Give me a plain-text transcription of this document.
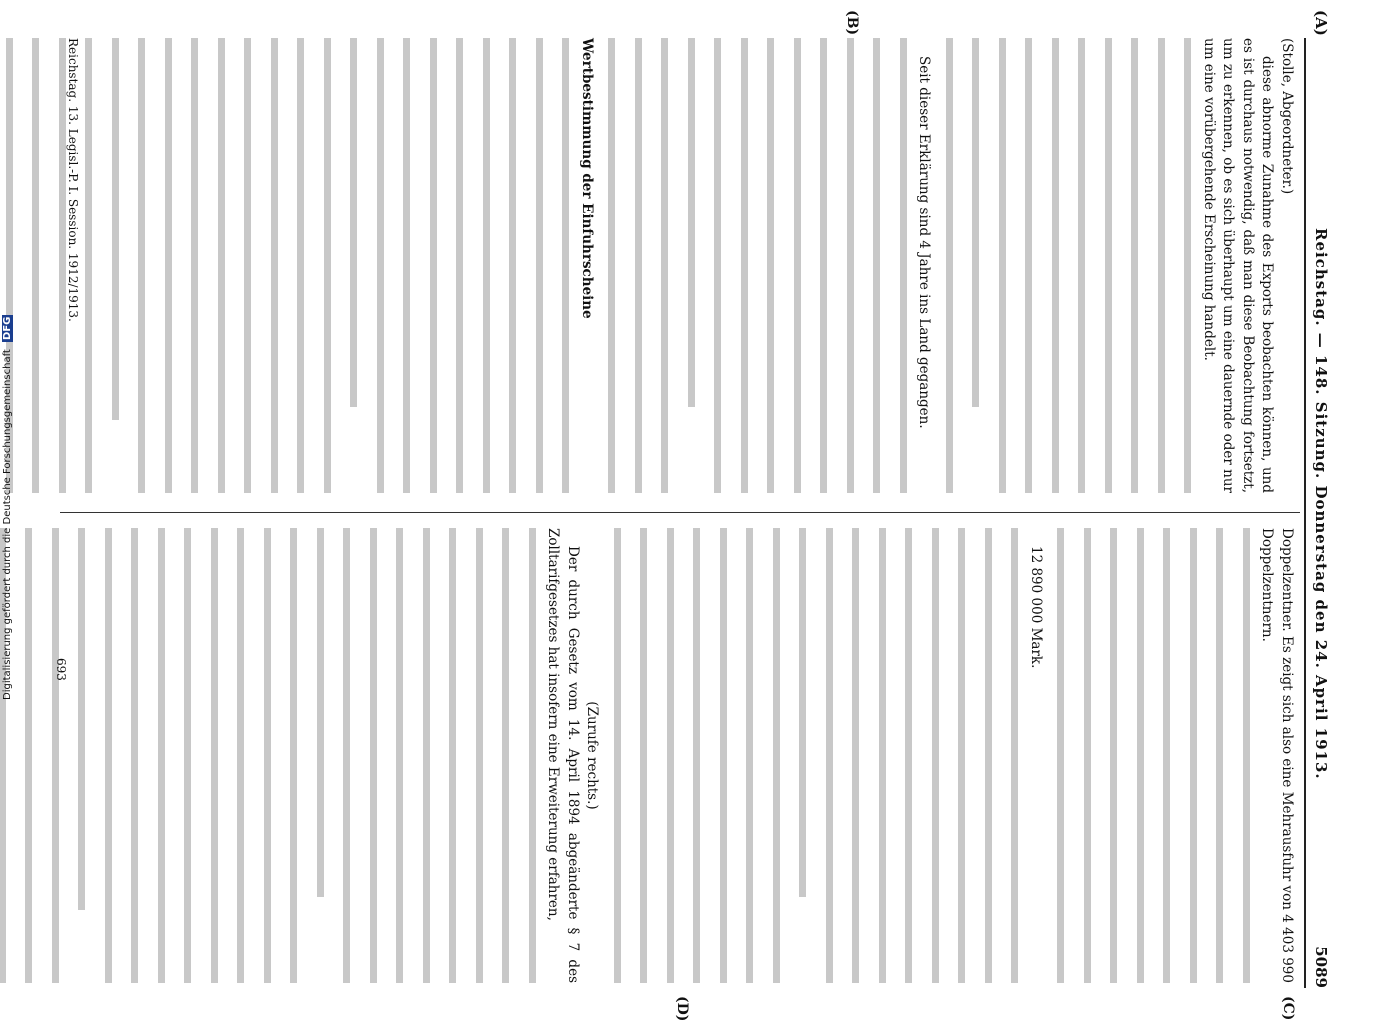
(A)
Reichstag. — 148. Sitzung. Donnerstag den 24. April 1913.
5089

(Stolle, Abgeordneter.)

diese abnorme Zunahme des Exports beobachten können, und es ist durchaus notwendig, daß man diese Beobachtung fortsetzt, um zu erkennen, ob es sich überhaupt um eine dauernde oder nur um eine vorübergehende Erscheinung handelt.

Seit dieser Erklärung sind 4 Jahre ins Land gegangen.

Wertbestimmung der Einfuhrscheine

Doppelzentner. Es zeigt sich also eine Mehrausfuhr von 4 403 990 Doppelzentnern.

12 890 000 Mark.

(Zurufe rechts.)

Der durch Gesetz vom 14. April 1894 abgeänderte § 7 des Zolltarifgesetzes hat insofern eine Erweiterung erfahren,

(B)
(C)
(D)
Reichstag. 13. Legisl.-P. I. Session. 1912/1913.
693
Digitalisierung gefördert durch die Deutsche Forschungsgemeinschaft DFG
